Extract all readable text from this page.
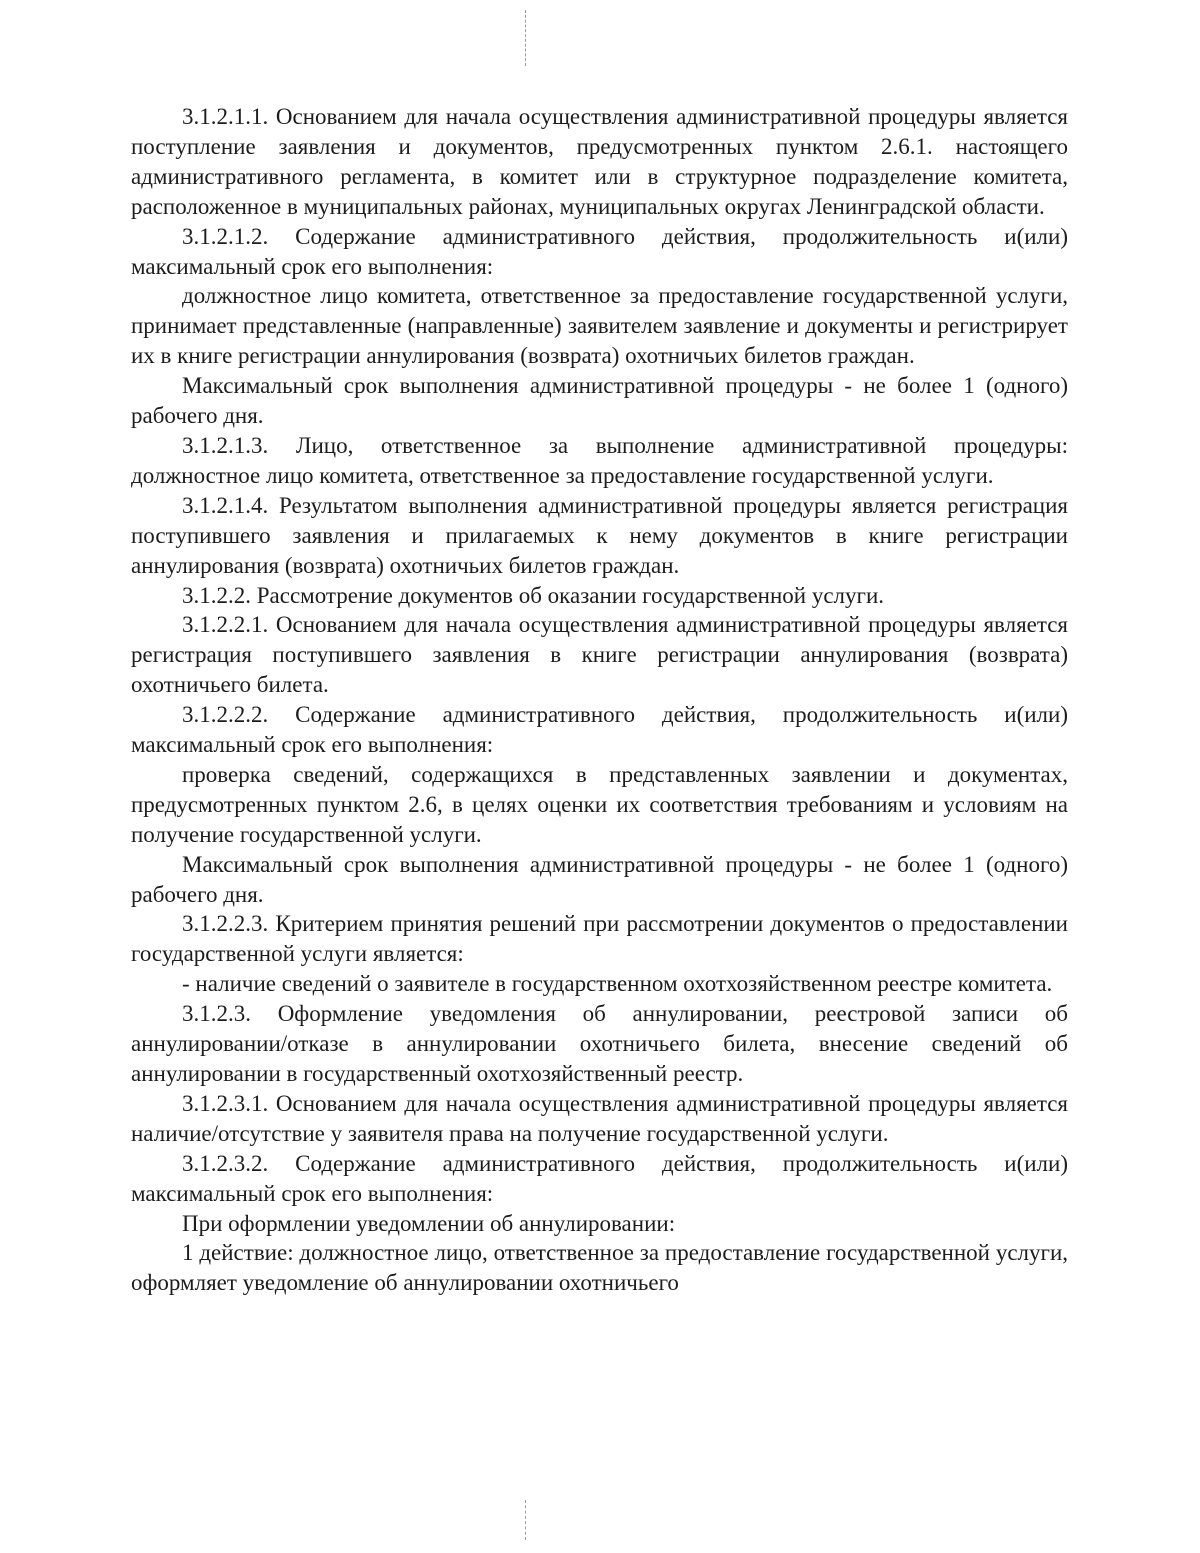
3.1.2.1.1. Основанием для начала осуществления административной процедуры является поступление заявления и документов, предусмотренных пунктом 2.6.1. настоящего административного регламента, в комитет или в структурное подразделение комитета, расположенное в муниципальных районах, муниципальных округах Ленинградской области.

3.1.2.1.2. Содержание административного действия, продолжительность и(или) максимальный срок его выполнения:

должностное лицо комитета, ответственное за предоставление государственной услуги, принимает представленные (направленные) заявителем заявление и документы и регистрирует их в книге регистрации аннулирования (возврата) охотничьих билетов граждан.

Максимальный срок выполнения административной процедуры - не более 1 (одного) рабочего дня.

3.1.2.1.3. Лицо, ответственное за выполнение административной процедуры: должностное лицо комитета, ответственное за предоставление государственной услуги.

3.1.2.1.4. Результатом выполнения административной процедуры является регистрация поступившего заявления и прилагаемых к нему документов в книге регистрации аннулирования (возврата) охотничьих билетов граждан.

3.1.2.2. Рассмотрение документов об оказании государственной услуги.

3.1.2.2.1. Основанием для начала осуществления административной процедуры является регистрация поступившего заявления в книге регистрации аннулирования (возврата) охотничьего билета.

3.1.2.2.2. Содержание административного действия, продолжительность и(или) максимальный срок его выполнения:

проверка сведений, содержащихся в представленных заявлении и документах, предусмотренных пунктом 2.6, в целях оценки их соответствия требованиям и условиям на получение государственной услуги.

Максимальный срок выполнения административной процедуры - не более 1 (одного) рабочего дня.

3.1.2.2.3. Критерием принятия решений при рассмотрении документов о предоставлении государственной услуги является:

- наличие сведений о заявителе в государственном охотхозяйственном реестре комитета.

3.1.2.3. Оформление уведомления об аннулировании, реестровой записи об аннулировании/отказе в аннулировании охотничьего билета, внесение сведений об аннулировании в государственный охотхозяйственный реестр.

3.1.2.3.1. Основанием для начала осуществления административной процедуры является наличие/отсутствие у заявителя права на получение государственной услуги.

3.1.2.3.2. Содержание административного действия, продолжительность и(или) максимальный срок его выполнения:

При оформлении уведомлении об аннулировании:

1 действие: должностное лицо, ответственное за предоставление государственной услуги, оформляет уведомление об аннулировании охотничьего
